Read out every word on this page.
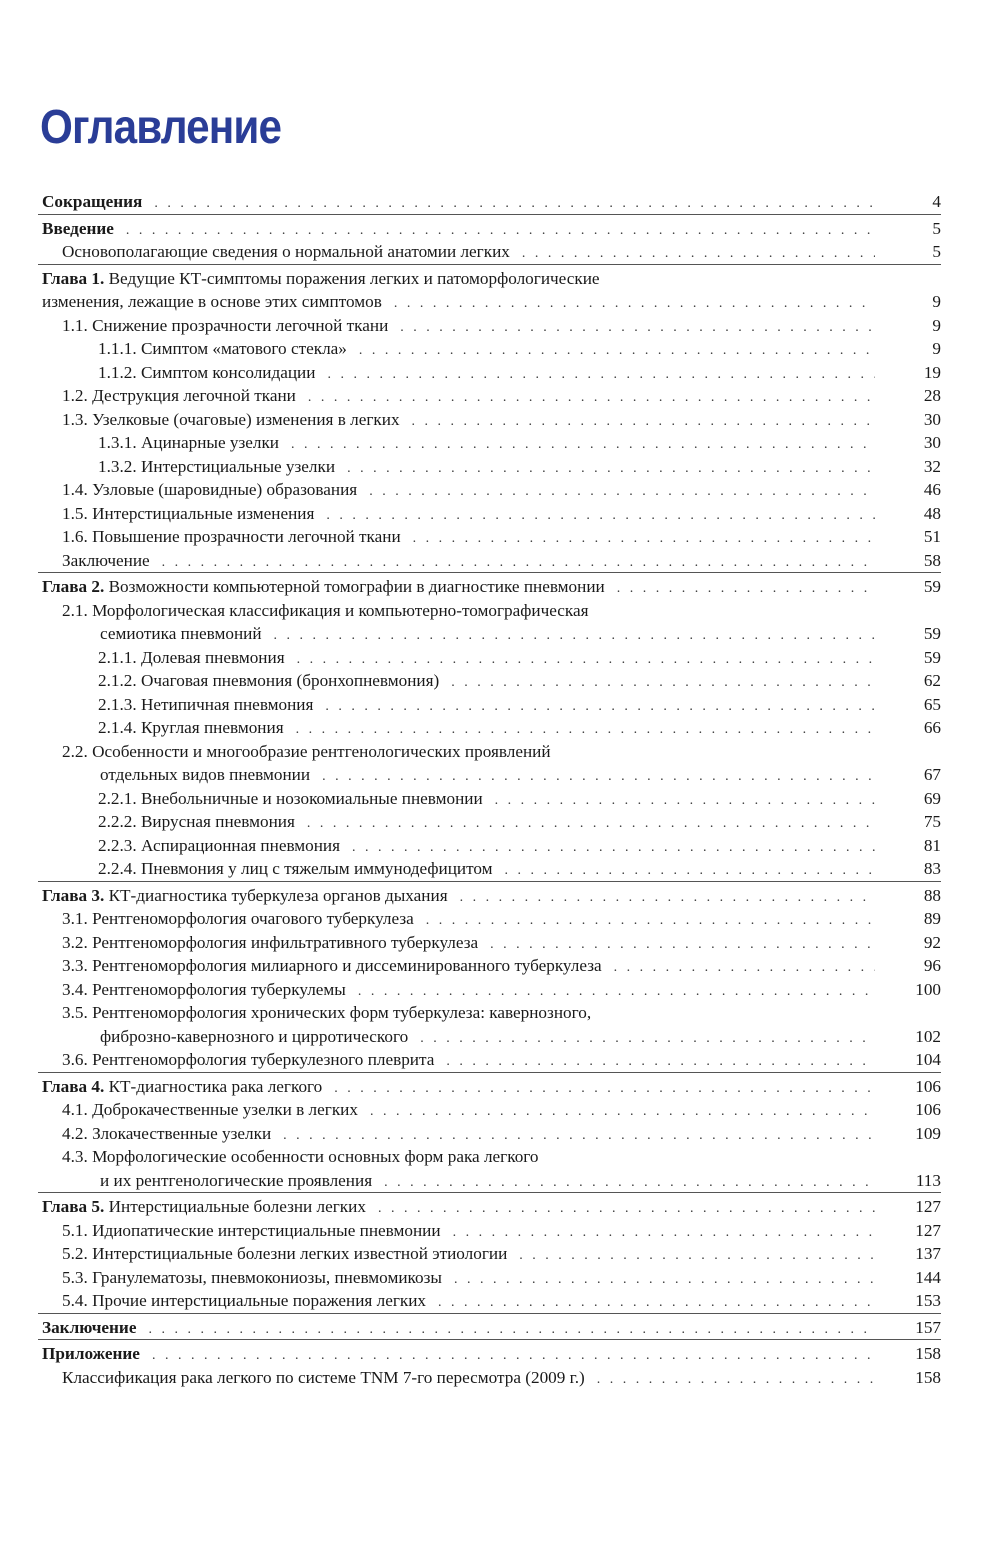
Оглавление
Сокращения . . .	4
Введение . . .	5
Основополагающие сведения о нормальной анатомии легких . . .	5
Глава 1. Ведущие КТ-симптомы поражения легких и патоморфологические
изменения, лежащие в основе этих симптомов . . .	9
1.1. Снижение прозрачности легочной ткани . . .	9
1.1.1. Симптом «матового стекла» . . .	9
1.1.2. Симптом консолидации . . .	19
1.2. Деструкция легочной ткани . . .	28
1.3. Узелковые (очаговые) изменения в легких . . .	30
1.3.1. Ацинарные узелки . . .	30
1.3.2. Интерстициальные узелки . . .	32
1.4. Узловые (шаровидные) образования . . .	46
1.5. Интерстициальные изменения . . .	48
1.6. Повышение прозрачности легочной ткани . . .	51
Заключение . . .	58
Глава 2. Возможности компьютерной томографии в диагностике пневмонии . . .	59
2.1. Морфологическая классификация и компьютерно-томографическая
семиотика пневмоний . . .	59
2.1.1. Долевая пневмония . . .	59
2.1.2. Очаговая пневмония (бронхопневмония) . . .	62
2.1.3. Нетипичная пневмония . . .	65
2.1.4. Круглая пневмония . . .	66
2.2. Особенности и многообразие рентгенологических проявлений
отдельных видов пневмонии . . .	67
2.2.1. Внебольничные и нозокомиальные пневмонии . . .	69
2.2.2. Вирусная пневмония . . .	75
2.2.3. Аспирационная пневмония . . .	81
2.2.4. Пневмония у лиц с тяжелым иммунодефицитом . . .	83
Глава 3. КТ-диагностика туберкулеза органов дыхания . . .	88
3.1. Рентгеноморфология очагового туберкулеза . . .	89
3.2. Рентгеноморфология инфильтративного туберкулеза . . .	92
3.3. Рентгеноморфология милиарного и диссеминированного туберкулеза . . .	96
3.4. Рентгеноморфология туберкулемы . . .	100
3.5. Рентгеноморфология хронических форм туберкулеза: кавернозного,
фиброзно-кавернозного и цирротического . . .	102
3.6. Рентгеноморфология туберкулезного плеврита . . .	104
Глава 4. КТ-диагностика рака легкого . . .	106
4.1. Доброкачественные узелки в легких . . .	106
4.2. Злокачественные узелки . . .	109
4.3. Морфологические особенности основных форм рака легкого
и их рентгенологические проявления . . .	113
Глава 5. Интерстициальные болезни легких . . .	127
5.1. Идиопатические интерстициальные пневмонии . . .	127
5.2. Интерстициальные болезни легких известной этиологии . . .	137
5.3. Гранулематозы, пневмокониозы, пневмомикозы . . .	144
5.4. Прочие интерстициальные поражения легких . . .	153
Заключение . . .	157
Приложение . . .	158
Классификация рака легкого по системе TNM 7-го пересмотра (2009 г.) . . .	158
